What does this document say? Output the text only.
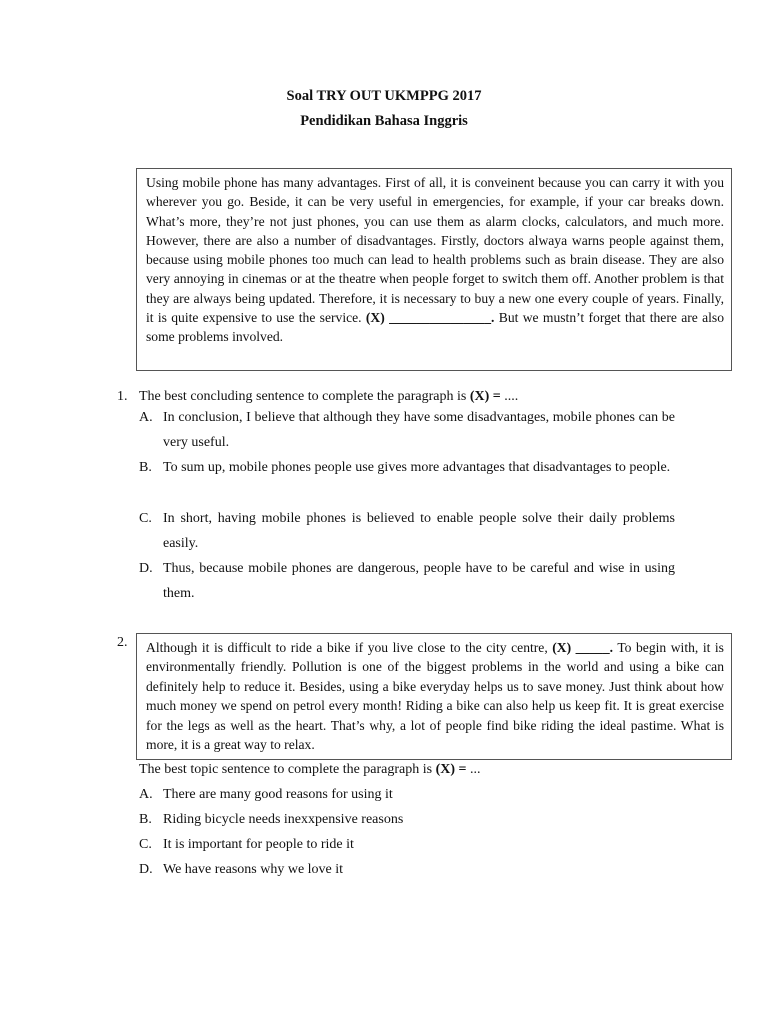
Soal TRY OUT UKMPPG 2017
Pendidikan Bahasa Inggris
Using mobile phone has many advantages. First of all, it is conveinent because you can carry it with you wherever you go. Beside, it can be very useful in emergencies, for example, if your car breaks down. What’s more, they’re not just phones, you can use them as alarm clocks, calculators, and much more. However, there are also a number of disadvantages. Firstly, doctors alwaya warns people against them, because using mobile phones too much can lead to health problems such as brain disease. They are also very annoying in cinemas or at the theatre when people forget to switch them off. Another problem is that they are always being updated. Therefore, it is necessary to buy a new one every couple of years. Finally, it is quite expensive to use the service. (X) _______________. But we mustn’t forget that there are also some problems involved.
1. The best concluding sentence to complete the paragraph is (X) = ....
A. In conclusion, I believe that although they have some disadvantages, mobile phones can be very useful.
B. To sum up, mobile phones people use gives more advantages that disadvantages to people.
C. In short, having mobile phones is believed to enable people solve their daily problems easily.
D. Thus, because mobile phones are dangerous, people have to be careful and wise in using them.
2.	Although it is difficult to ride a bike if you live close to the city centre, (X) _____. To begin with, it is environmentally friendly. Pollution is one of the biggest problems in the world and using a bike can definitely help to reduce it. Besides, using a bike everyday helps us to save money. Just think about how much money we spend on petrol every month! Riding a bike can also help us keep fit. It is great exercise for the legs as well as the heart. That’s why, a lot of people find bike riding the ideal pastime. What is more, it is a great way to relax.
The best topic sentence to complete the paragraph is (X) = ...
A. There are many good reasons for using it
B. Riding bicycle needs inexxpensive reasons
C. It is important for people to ride it
D. We have reasons why we love it
